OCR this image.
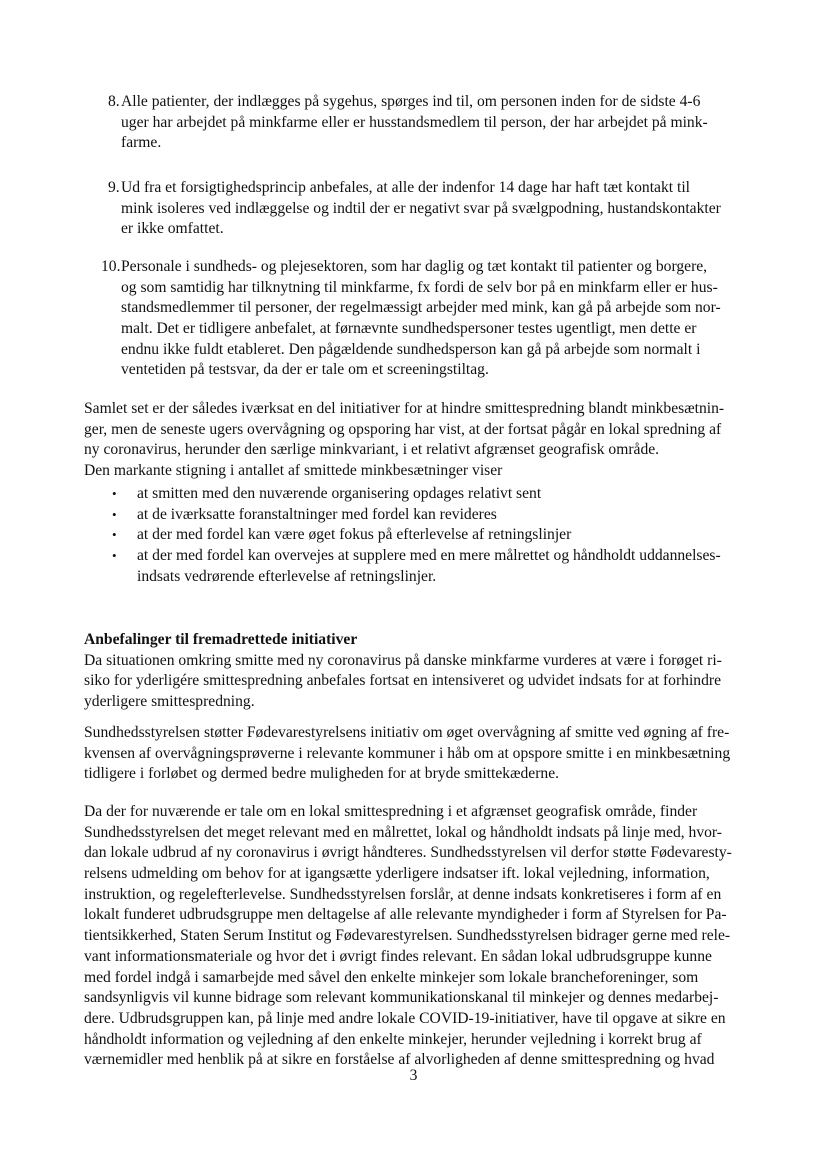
8. Alle patienter, der indlægges på sygehus, spørges ind til, om personen inden for de sidste 4-6
uger har arbejdet på minkfarme eller er husstandsmedlem til person, der har arbejdet på mink-
farme.
9. Ud fra et forsigtighedsprincip anbefales, at alle der indenfor 14 dage har haft tæt kontakt til
mink isoleres ved indlæggelse og indtil der er negativt svar på svælgpodning, hustandskontakter
er ikke omfattet.
10. Personale i sundheds- og plejesektoren, som har daglig og tæt kontakt til patienter og borgere,
og som samtidig har tilknytning til minkfarme, fx fordi de selv bor på en minkfarm eller er hus-
standsmedlemmer til personer, der regelmæssigt arbejder med mink, kan gå på arbejde som nor-
malt. Det er tidligere anbefalet, at førnævnte sundhedspersoner testes ugentligt, men dette er
endnu ikke fuldt etableret. Den pågældende sundhedsperson kan gå på arbejde som normalt i
ventetiden på testsvar, da der er tale om et screeningstiltag.
Samlet set er der således iværksat en del initiativer for at hindre smittespredning blandt minkbesætnin-
ger, men de seneste ugers overvågning og opsporing har vist, at der fortsat pågår en lokal spredning af
ny coronavirus, herunder den særlige minkvariant, i et relativt afgrænset geografisk område.
Den markante stigning i antallet af smittede minkbesætninger viser
•	at smitten med den nuværende organisering opdages relativt sent
•	at de iværksatte foranstaltninger med fordel kan revideres
•	at der med fordel kan være øget fokus på efterlevelse af retningslinjer
•	at der med fordel kan overvejes at supplere med en mere målrettet og håndholdt uddannelses-
indsats vedrørende efterlevelse af retningslinjer.
Anbefalinger til fremadrettede initiativer
Da situationen omkring smitte med ny coronavirus på danske minkfarme vurderes at være i forøget ri-
siko for yderligére smittespredning anbefales fortsat en intensiveret og udvidet indsats for at forhindre
yderligere smittespredning.
Sundhedsstyrelsen støtter Fødevarestyrelsens initiativ om øget overvågning af smitte ved øgning af fre-
kvensen af overvågningsprøverne i relevante kommuner i håb om at opspore smitte i en minkbesætning
tidligere i forløbet og dermed bedre muligheden for at bryde smittekæderne.
Da der for nuværende er tale om en lokal smittespredning i et afgrænset geografisk område, finder
Sundhedsstyrelsen det meget relevant med en målrettet, lokal og håndholdt indsats på linje med, hvor-
dan lokale udbrud af ny coronavirus i øvrigt håndteres. Sundhedsstyrelsen vil derfor støtte Fødevaresty-
relsens udmelding om behov for at igangsætte yderligere indsatser ift. lokal vejledning, information,
instruktion, og regelefterlevelse. Sundhedsstyrelsen forslår, at denne indsats konkretiseres i form af en
lokalt funderet udbrudsgruppe men deltagelse af alle relevante myndigheder i form af Styrelsen for Pa-
tientsikkerhed, Staten Serum Institut og Fødevarestyrelsen. Sundhedsstyrelsen bidrager gerne med rele-
vant informationsmateriale og hvor det i øvrigt findes relevant. En sådan lokal udbrudsgruppe kunne
med fordel indgå i samarbejde med såvel den enkelte minkejer som lokale brancheforeninger, som
sandsynligvis vil kunne bidrage som relevant kommunikationskanal til minkejer og dennes medarbej-
dere. Udbrudsgruppen kan, på linje med andre lokale COVID-19-initiativer, have til opgave at sikre en
håndholdt information og vejledning af den enkelte minkejer, herunder vejledning i korrekt brug af
værnemidler med henblik på at sikre en forståelse af alvorligheden af denne smittespredning og hvad
3
